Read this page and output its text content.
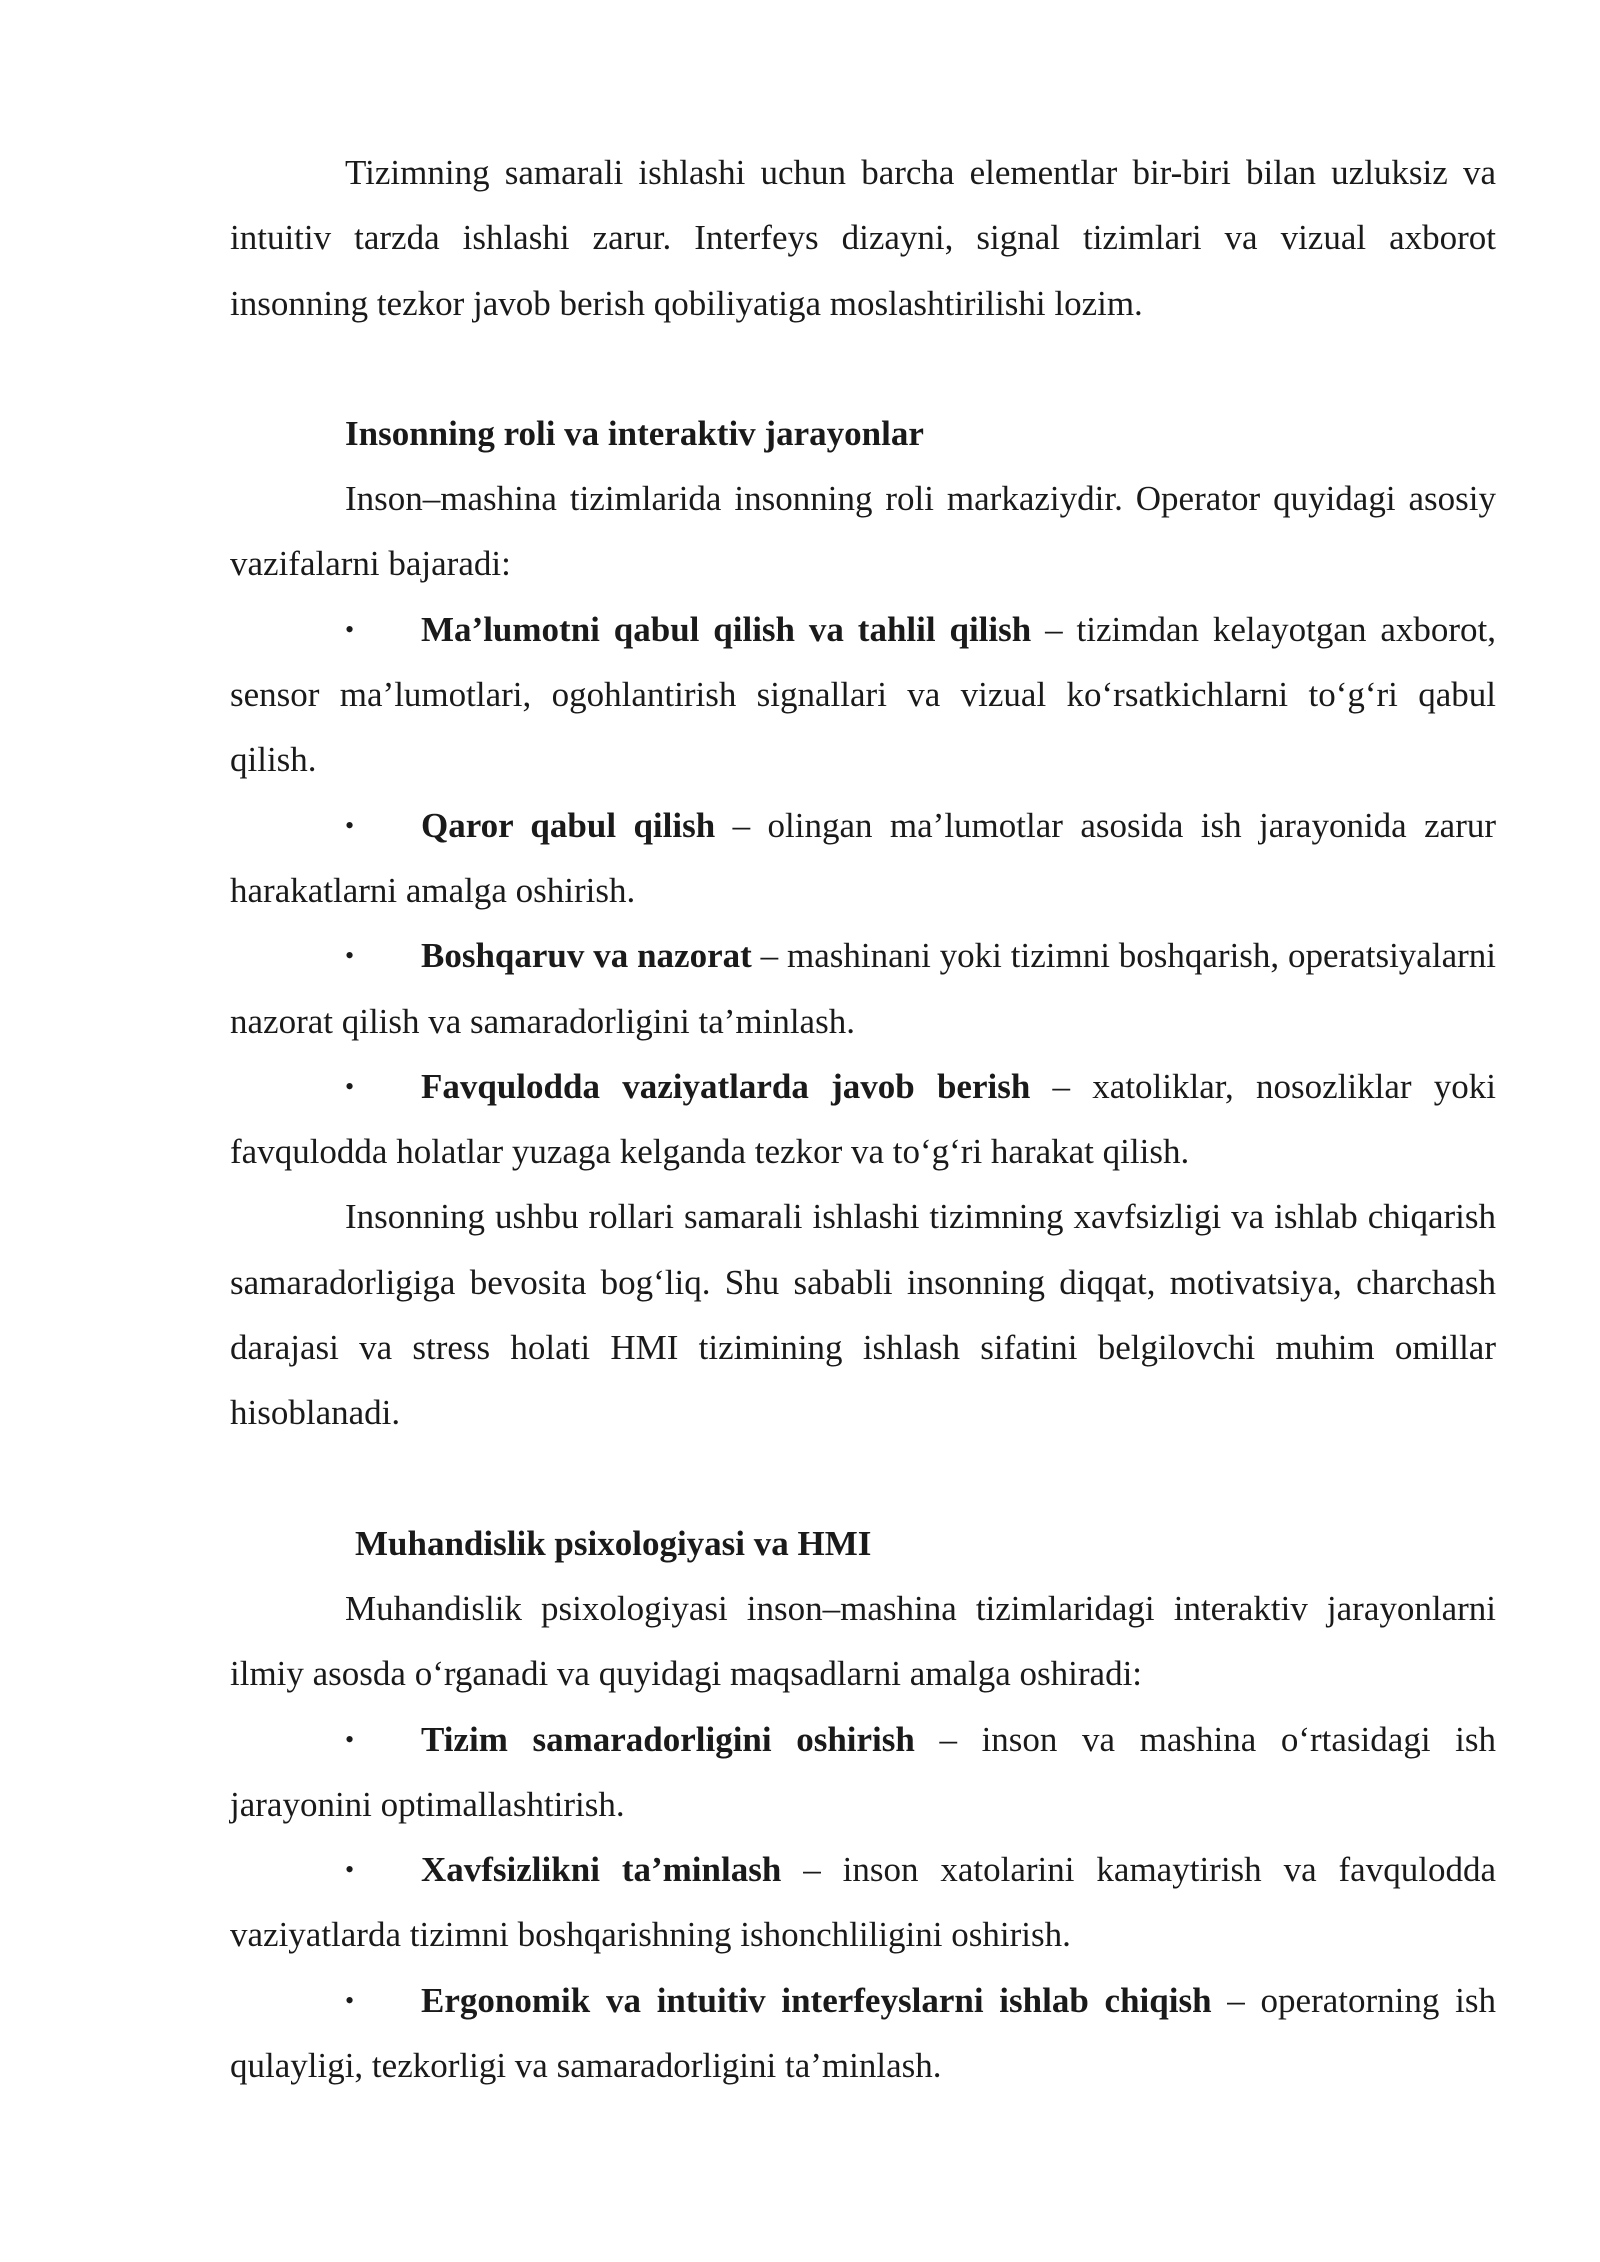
Tizimning samarali ishlashi uchun barcha elementlar bir-biri bilan uzluksiz va intuitiv tarzda ishlashi zarur. Interfeys dizayni, signal tizimlari va vizual axborot insonning tezkor javob berish qobiliyatiga moslashtirilishi lozim.

Insonning roli va interaktiv jarayonlar

Inson–mashina tizimlarida insonning roli markaziydir. Operator quyidagi asosiy vazifalarni bajaradi:

• Ma’lumotni qabul qilish va tahlil qilish – tizimdan kelayotgan axborot, sensor ma’lumotlari, ogohlantirish signallari va vizual ko‘rsatkichlarni to‘g‘ri qabul qilish.

• Qaror qabul qilish – olingan ma’lumotlar asosida ish jarayonida zarur harakatlarni amalga oshirish.

• Boshqaruv va nazorat – mashinani yoki tizimni boshqarish, operatsiyalarni nazorat qilish va samaradorligini ta’minlash.

• Favqulodda vaziyatlarda javob berish – xatoliklar, nosozliklar yoki favqulodda holatlar yuzaga kelganda tezkor va to‘g‘ri harakat qilish.

Insonning ushbu rollari samarali ishlashi tizimning xavfsizligi va ishlab chiqarish samaradorligiga bevosita bog‘liq. Shu sababli insonning diqqat, motivatsiya, charchash darajasi va stress holati HMI tizimining ishlash sifatini belgilovchi muhim omillar hisoblanadi.

Muhandislik psixologiyasi va HMI

Muhandislik psixologiyasi inson–mashina tizimlaridagi interaktiv jarayonlarni ilmiy asosda o‘rganadi va quyidagi maqsadlarni amalga oshiradi:

• Tizim samaradorligini oshirish – inson va mashina o‘rtasidagi ish jarayonini optimallashtirish.

• Xavfsizlikni ta’minlash – inson xatolarini kamaytirish va favqulodda vaziyatlarda tizimni boshqarishning ishonchliligini oshirish.

• Ergonomik va intuitiv interfeyslarni ishlab chiqish – operatorning ish qulayligi, tezkorligi va samaradorligini ta’minlash.
